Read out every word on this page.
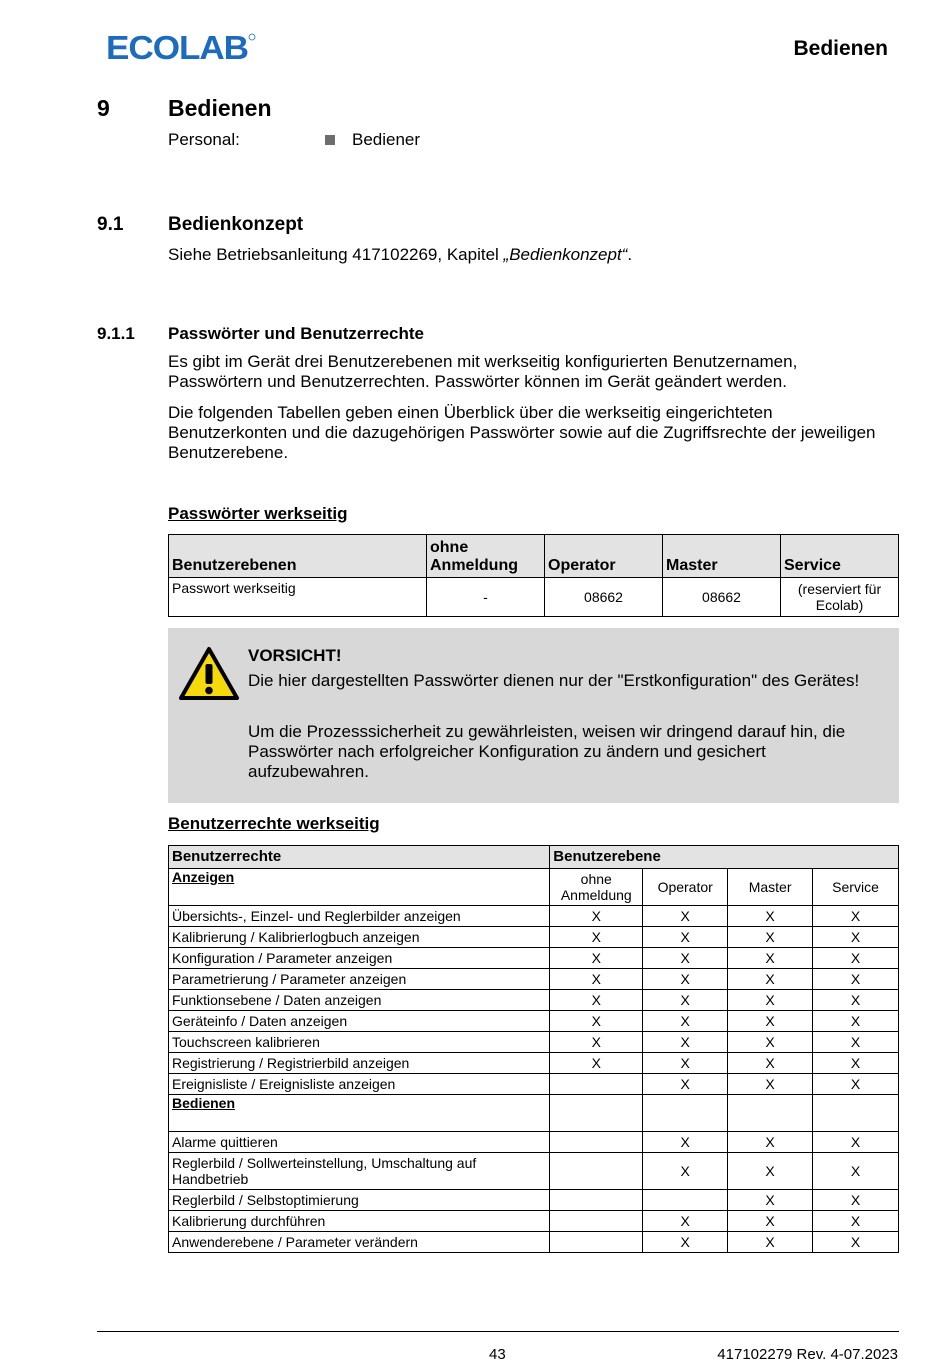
ECOLAB	Bedienen
9	Bedienen
Personal:	Bediener
9.1 Bedienkonzept
Siehe Betriebsanleitung 417102269, Kapitel „Bedienkonzept“.
9.1.1 Passwörter und Benutzerrechte
Es gibt im Gerät drei Benutzerebenen mit werkseitig konfigurierten Benutzernamen, Passwörtern und Benutzerrechten. Passwörter können im Gerät geändert werden.
Die folgenden Tabellen geben einen Überblick über die werkseitig eingerichteten Benutzerkonten und die dazugehörigen Passwörter sowie auf die Zugriffsrechte der jeweiligen Benutzerebene.
Passwörter werkseitig
Benutzerebenen	ohne Anmeldung	Operator	Master	Service
Passwort werkseitig	-	08662	08662	(reserviert für Ecolab)
VORSICHT!
Die hier dargestellten Passwörter dienen nur der "Erstkonfiguration" des Gerätes!
Um die Prozesssicherheit zu gewährleisten, weisen wir dringend darauf hin, die Passwörter nach erfolgreicher Konfiguration zu ändern und gesichert aufzubewahren.
Benutzerrechte werkseitig
Benutzerrechte	Benutzerebene			
Anzeigen	ohne Anmeldung	Operator	Master	Service
Übersichts-, Einzel- und Reglerbilder anzeigen	X	X	X	X
Kalibrierung / Kalibrierlogbuch anzeigen	X	X	X	X
Konfiguration / Parameter anzeigen	X	X	X	X
Parametrierung / Parameter anzeigen	X	X	X	X
Funktionsebene / Daten anzeigen	X	X	X	X
Geräteinfo / Daten anzeigen	X	X	X	X
Touchscreen kalibrieren	X	X	X	X
Registrierung / Registrierbild anzeigen	X	X	X	X
Ereignisliste / Ereignisliste anzeigen		X	X	X
Bedienen				
Alarme quittieren		X	X	X
Reglerbild / Sollwerteinstellung, Umschaltung auf Handbetrieb		X	X	X
Reglerbild / Selbstoptimierung			X	X
Kalibrierung durchführen		X	X	X
Anwenderebene / Parameter verändern		X	X	X
43	417102279 Rev. 4-07.2023
